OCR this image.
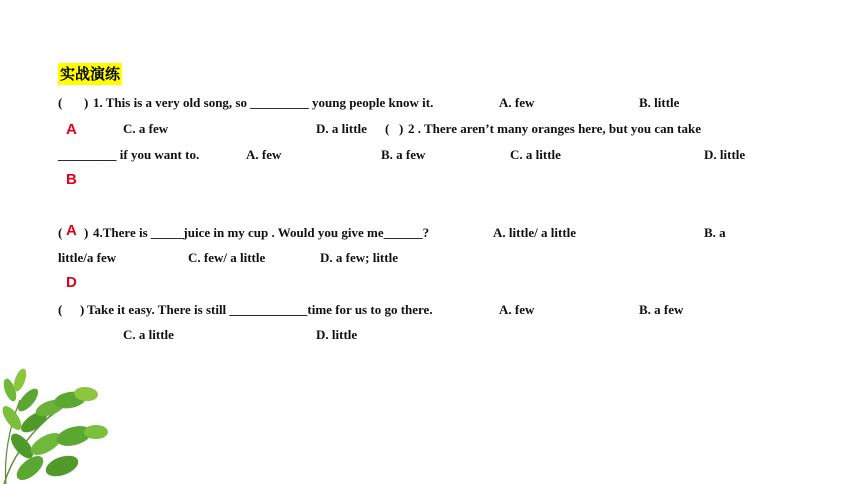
实战演练
( ) 1. This is a very old song, so _________ young people know it.	A. few	B. little
A	C. a few	D. a little ( ) 2 . There aren’t many oranges here, but you can take
_________ if you want to.	A. few	B. a few	C. a little	D. little
B
( A ) 4.There is _____juice in my cup . Would you give me______?	A. little/ a little	B. a
little/a few	C. few/ a little	D. a few; little
D
( ) Take it easy. There is still ____________time for us to go there.	A. few	B. a few
C. a little	D. little
